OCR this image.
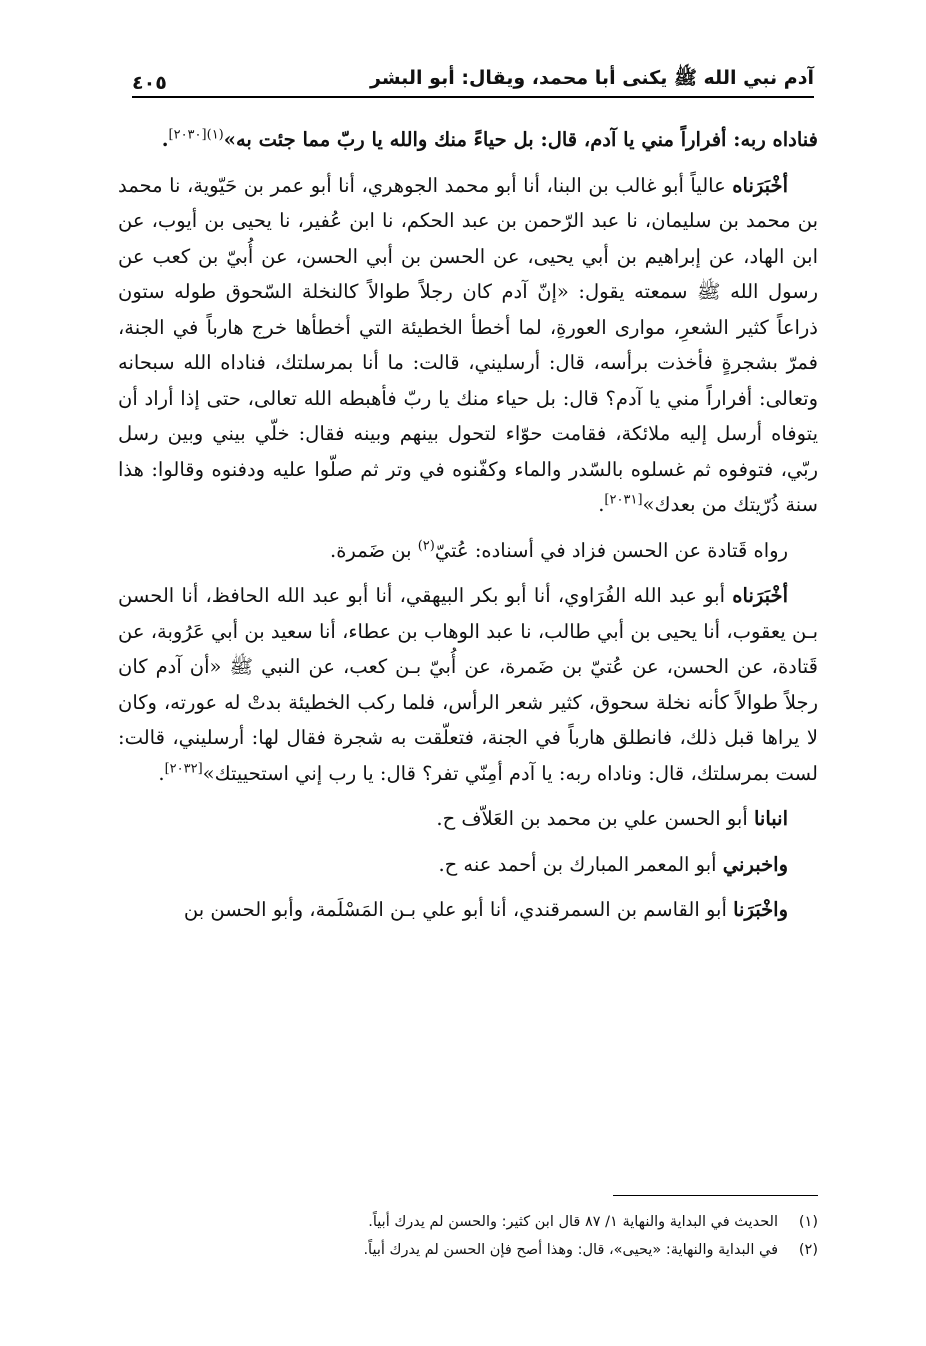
آدم نبي الله ﷺ يكنى أبا محمد، ويقال: أبو البشر
٤٠٥

فناداه ربه: أفراراً مني يا آدم، قال: بل حياءً منك والله يا ربّ مما جئت به»$^{(١)[٢٠٣٠]}$.

أخْبَرَناه عالياً أبو غالب بن البنا، أنا أبو محمد الجوهري، أنا أبو عمر بن حَيّوية، نا محمد بن محمد بن سليمان، نا عبد الرّحمن بن عبد الحكم، نا ابن عُفير، نا يحيى بن أيوب، عن ابن الهاد، عن إبراهيم بن أبي يحيى، عن الحسن بن أبي الحسن، عن أُبيّ بن كعب عن رسول الله ﷺ سمعته يقول: «إنّ آدم كان رجلاً طوالاً كالنخلة السّحوق طوله ستون ذراعاً كثير الشعرِ، موارى العورةِ، لما أخطأ الخطيئة التي أخطأها خرج هارباً في الجنة، فمرّ بشجرةٍ فأخذت برأسه، قال: أرسليني، قالت: ما أنا بمرسلتك، فناداه الله سبحانه وتعالى: أفراراً مني يا آدم؟ قال: بل حياء منك يا ربّ فأهبطه الله تعالى، حتى إذا أراد أن يتوفاه أرسل إليه ملائكة، فقامت حوّاء لتحول بينهم وبينه فقال: خلّي بيني وبين رسل ربّي، فتوفوه ثم غسلوه بالسّدر والماء وكفّنوه في وتر ثم صلّوا عليه ودفنوه وقالوا: هذا سنة ذُرّيتك من بعدك»[٢٠٣١].

رواه قَتادة عن الحسن فزاد في أسناده: عُتيّ$^{(٢)}$ بن ضَمرة.

أخْبَرَناه أبو عبد الله الفُرَاوي، أنا أبو بكر البيهقي، أنا أبو عبد الله الحافظ، أنا الحسن بـن يعقوب، أنا يحيى بن أبي طالب، نا عبد الوهاب بن عطاء، أنا سعيد بن أبي عَرُوبة، عن قَتادة، عن الحسن، عن عُتيّ بن ضَمرة، عن أُبيّ بـن كعب، عن النبي ﷺ «أن آدم كان رجلاً طوالاً كأنه نخلة سحوق، كثير شعر الرأس، فلما ركب الخطيئة بدتْ له عورته، وكان لا يراها قبل ذلك، فانطلق هارباً في الجنة، فتعلّقت به شجرة فقال لها: أرسليني، قالت: لست بمرسلتك، قال: وناداه ربه: يا آدم أمِنّي تفر؟ قال: يا رب إني استحييتك»[٢٠٣٢].

انبانا أبو الحسن علي بن محمد بن العَلاّف ح.

واخبرني أبو المعمر المبارك بن أحمد عنه ح.

واخْبَرَنا أبو القاسم بن السمرقندي، أنا أبو علي بـن المَسْلَمة، وأبو الحسن بن

(١)الحديث في البداية والنهاية ١/ ٨٧ قال ابن كثير: والحسن لم يدرك أبياً.
(٢)في البداية والنهاية: «يحيى»، قال: وهذا أصح فإن الحسن لم يدرك أبياً.
